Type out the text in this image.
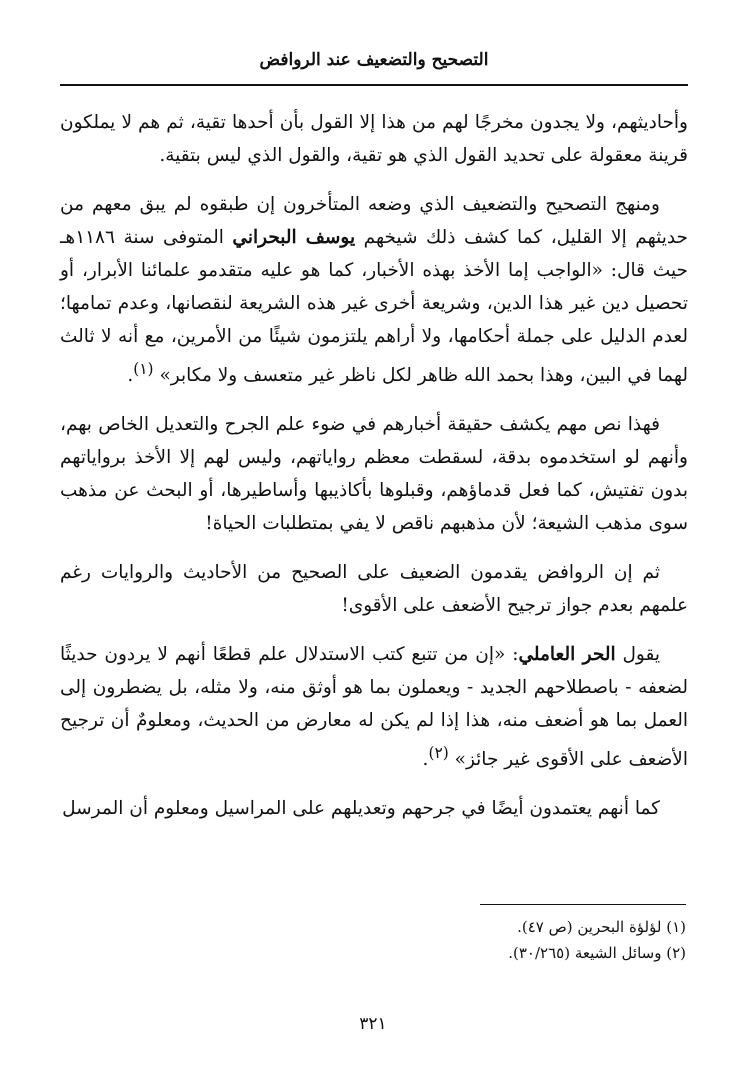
التصحيح والتضعيف عند الروافض

وأحاديثهم، ولا يجدون مخرجًا لهم من هذا إلا القول بأن أحدها تقية، ثم هم لا يملكون قرينة معقولة على تحديد القول الذي هو تقية، والقول الذي ليس بتقية.

ومنهج التصحيح والتضعيف الذي وضعه المتأخرون إن طبقوه لم يبق معهم من حديثهم إلا القليل، كما كشف ذلك شيخهم يوسف البحراني المتوفى سنة ١١٨٦هـ حيث قال: «الواجب إما الأخذ بهذه الأخبار، كما هو عليه متقدمو علمائنا الأبرار، أو تحصيل دين غير هذا الدين، وشريعة أخرى غير هذه الشريعة لنقصانها، وعدم تمامها؛ لعدم الدليل على جملة أحكامها، ولا أراهم يلتزمون شيئًا من الأمرين، مع أنه لا ثالث لهما في البين، وهذا بحمد الله ظاهر لكل ناظر غير متعسف ولا مكابر» $^{(١)}$.

فهذا نص مهم يكشف حقيقة أخبارهم في ضوء علم الجرح والتعديل الخاص بهم، وأنهم لو استخدموه بدقة، لسقطت معظم رواياتهم، وليس لهم إلا الأخذ برواياتهم بدون تفتيش، كما فعل قدماؤهم، وقبلوها بأكاذيبها وأساطيرها، أو البحث عن مذهب سوى مذهب الشيعة؛ لأن مذهبهم ناقص لا يفي بمتطلبات الحياة!

ثم إن الروافض يقدمون الضعيف على الصحيح من الأحاديث والروايات رغم علمهم بعدم جواز ترجيح الأضعف على الأقوى!

يقول الحر العاملي: «إن من تتبع كتب الاستدلال علم قطعًا أنهم لا يردون حديثًا لضعفه - باصطلاحهم الجديد - ويعملون بما هو أوثق منه، ولا مثله، بل يضطرون إلى العمل بما هو أضعف منه، هذا إذا لم يكن له معارض من الحديث، ومعلومٌ أن ترجيح الأضعف على الأقوى غير جائز» $^{(٢)}$.

كما أنهم يعتمدون أيضًا في جرحهم وتعديلهم على المراسيل ومعلوم أن المرسل

(١) لؤلؤة البحرين (ص ٤٧).

(٢) وسائل الشيعة (٣٠/٢٦٥).

٣٢١
